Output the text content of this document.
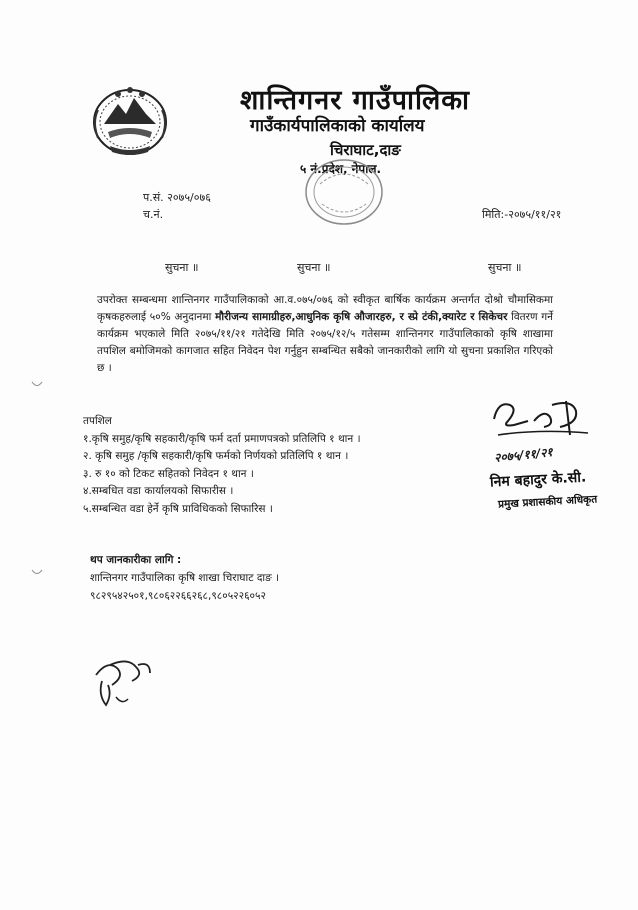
शान्तिगनर गाउँपालिका
गाउँकार्यपालिकाको कार्यालय
चिराघाट,दाङ
५ नं.प्रदेश, नेपाल.
प.सं. २०७५/०७६
च.नं.	मिति:-२०७५/११/२१
सुचना ॥	सुचना ॥	सुचना ॥
उपरोक्त सम्बन्धमा शान्तिनगर गाउँपालिकाको आ.व.०७५/०७६ को स्वीकृत बार्षिक कार्यक्रम अन्तर्गत दोश्रो चौमासिकमा कृषकहरुलाई ५०% अनुदानमा मौरीजन्य सामाग्रीहरु,आधुनिक कृषि औजारहरु, र स्प्रे टंकी,क्यारेट र सिकेचर वितरण गर्ने कार्यक्रम भएकाले मिति २०७५/११/२१ गतेदेखि मिति २०७५/१२/५ गतेसम्म शान्तिनगर गाउँपालिकाको कृषि शाखामा तपशिल बमोजिमको कागजात सहित निवेदन पेश गर्नुहुन सम्बन्धित सबैको जानकारीको लागि यो सुचना प्रकाशित गरिएको छ ।
तपशिल
१.कृषि समुह/कृषि सहकारी/कृषि फर्म दर्ता प्रमाणपत्रको प्रतिलिपि १ थान ।
२. कृषि समुह /कृषि सहकारी/कृषि फर्मको निर्णयको प्रतिलिपि १ थान ।
३. रु १० को टिकट सहितको निवेदन १ थान ।
४.सम्बधित वडा कार्यालयको सिफारीस ।
५.सम्बन्धित वडा हेर्ने कृषि प्राविधिकको सिफारिस ।
२०७५/११/२१
निम बहादुर के.सी.
प्रमुख प्रशासकीय अधिकृत
थप जानकारीका लागि :
शान्तिनगर गाउँपालिका कृषि शाखा चिराघाट दाङ ।
९८२९५४२५०१,९८०६२२६६२६८,९८०५२२६०५२
